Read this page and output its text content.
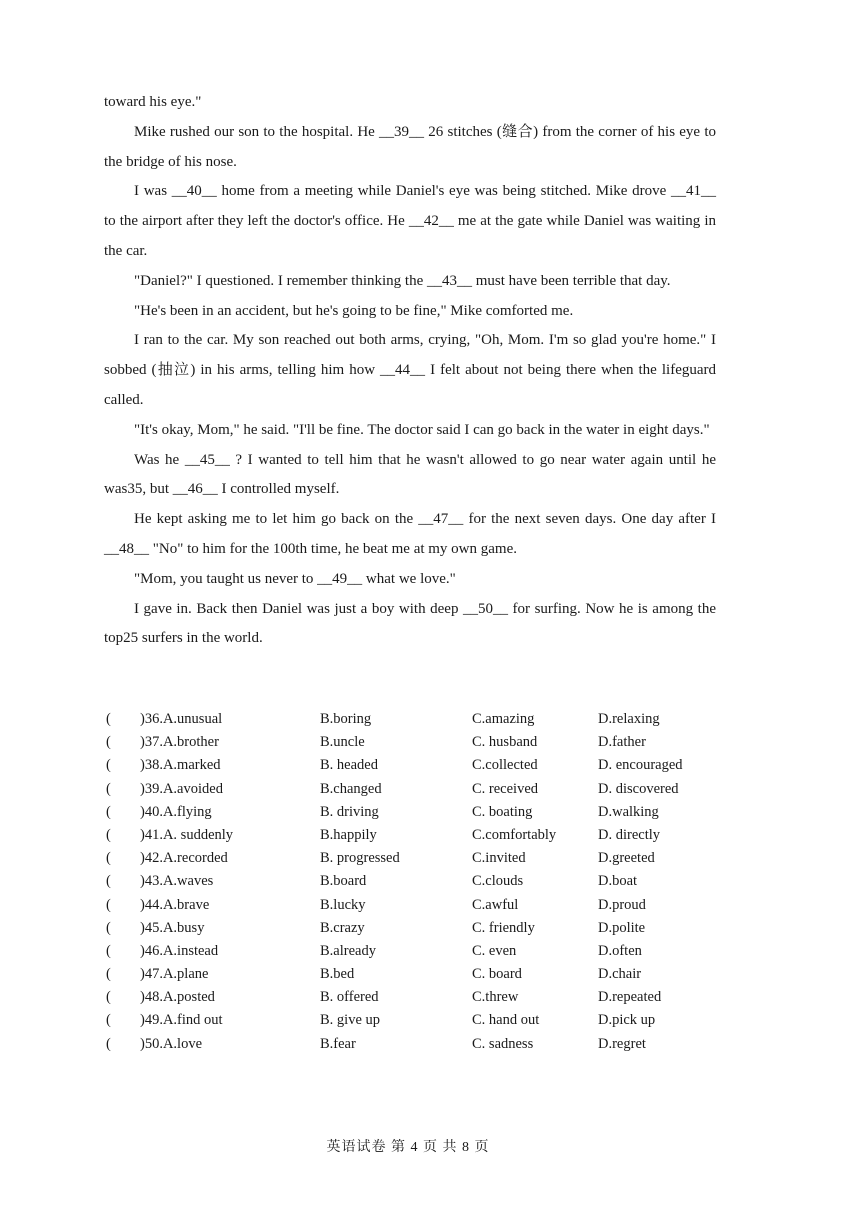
toward his eye."

Mike rushed our son to the hospital. He __39__ 26 stitches (缝合) from the corner of his eye to the bridge of his nose.

I was __40__ home from a meeting while Daniel's eye was being stitched. Mike drove __41__ to the airport after they left the doctor's office. He __42__ me at the gate while Daniel was waiting in the car.

"Daniel?" I questioned. I remember thinking the __43__ must have been terrible that day.

"He's been in an accident, but he's going to be fine," Mike comforted me.

I ran to the car. My son reached out both arms, crying, "Oh, Mom. I'm so glad you're home." I sobbed (抽泣) in his arms, telling him how __44__ I felt about not being there when the lifeguard called.

"It's okay, Mom," he said. "I'll be fine. The doctor said I can go back in the water in eight days."

Was he __45__ ? I wanted to tell him that he wasn't allowed to go near water again until he was35, but __46__ I controlled myself.

He kept asking me to let him go back on the __47__ for the next seven days. One day after I __48__ "No" to him for the 100th time, he beat me at my own game.

"Mom, you taught us never to __49__ what we love."

I gave in. Back then Daniel was just a boy with deep __50__ for surfing. Now he is among the top25 surfers in the world.

( )36.A.unusual	B.boring	C.amazing	D.relaxing
( )37.A.brother	B.uncle	C. husband	D.father
( )38.A.marked	B. headed	C.collected	D. encouraged
( )39.A.avoided	B.changed	C. received	D. discovered
( )40.A.flying	B. driving	C. boating	D.walking
( )41.A. suddenly	B.happily	C.comfortably	D. directly
( )42.A.recorded	B. progressed	C.invited	D.greeted
( )43.A.waves	B.board	C.clouds	D.boat
( )44.A.brave	B.lucky	C.awful	D.proud
( )45.A.busy	B.crazy	C. friendly	D.polite
( )46.A.instead	B.already	C. even	D.often
( )47.A.plane	B.bed	C. board	D.chair
( )48.A.posted	B. offered	C.threw	D.repeated
( )49.A.find out	B. give up	C. hand out	D.pick up
( )50.A.love	B.fear	C. sadness	D.regret
英语试卷 第 4 页 共 8 页
